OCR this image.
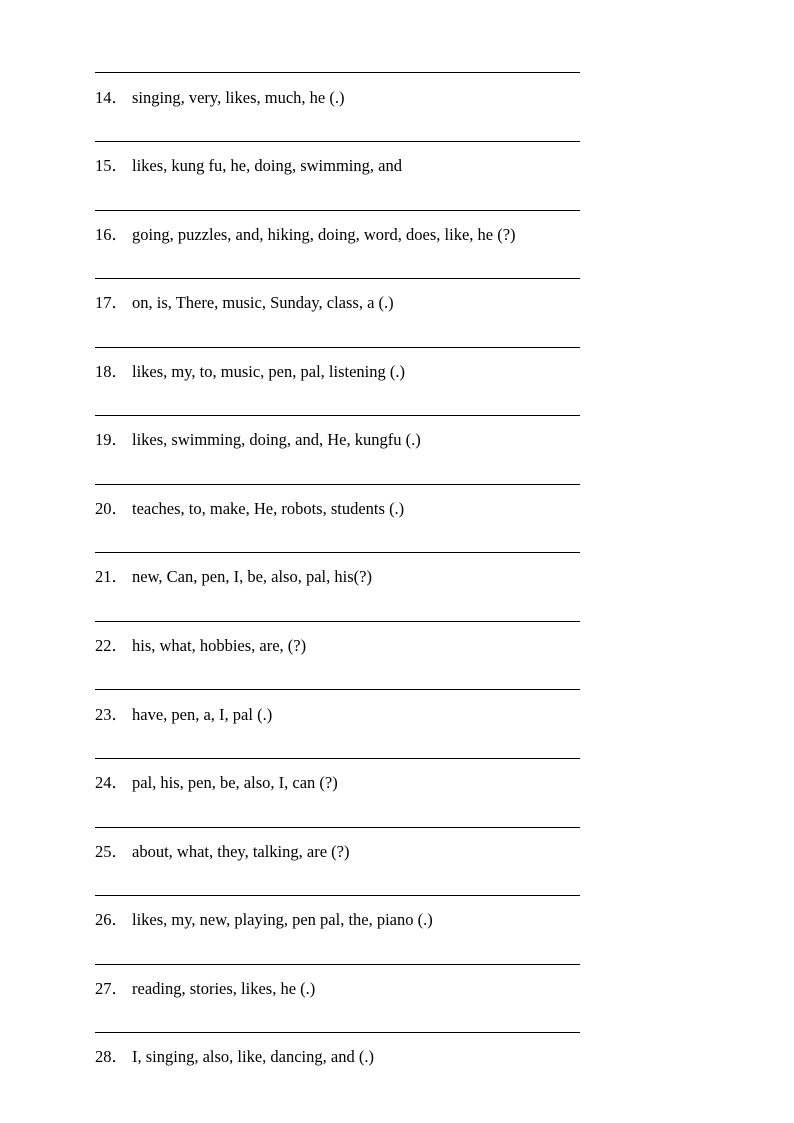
14． singing, very, likes, much, he (.)
15． likes, kung fu, he, doing, swimming, and
16． going, puzzles, and, hiking, doing, word, does, like, he (?)
17． on, is, There, music, Sunday, class, a (.)
18． likes, my, to, music, pen, pal, listening (.)
19． likes, swimming, doing, and, He, kungfu (.)
20． teaches, to, make, He, robots, students (.)
21． new, Can, pen, I, be, also, pal, his(?)
22． his, what, hobbies, are, (?)
23． have, pen, a, I, pal (.)
24． pal, his, pen, be, also, I, can (?)
25． about, what, they, talking, are (?)
26． likes, my, new, playing, pen pal, the, piano (.)
27． reading, stories, likes, he (.)
28． I, singing, also, like, dancing, and (.)
